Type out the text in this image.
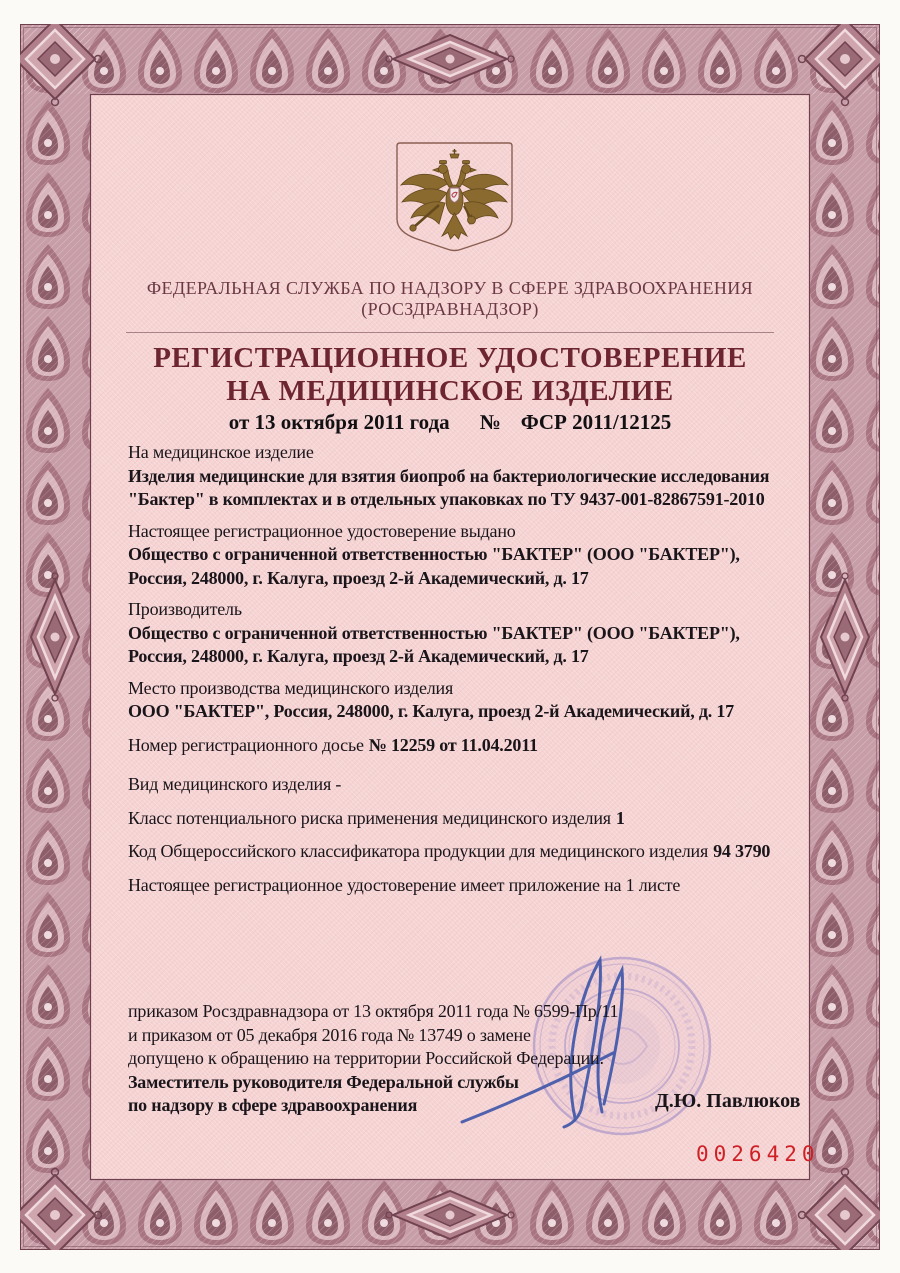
ФЕДЕРАЛЬНАЯ СЛУЖБА ПО НАДЗОРУ В СФЕРЕ ЗДРАВООХРАНЕНИЯ
(РОСЗДРАВНАДЗОР)
РЕГИСТРАЦИОННОЕ УДОСТОВЕРЕНИЕ
НА МЕДИЦИНСКОЕ ИЗДЕЛИЕ
от 13 октября 2011 года № ФСР 2011/12125

На медицинское изделие
Изделия медицинские для взятия биопроб на бактериологические исследования
"Бактер" в комплектах и в отдельных упаковках по ТУ 9437-001-82867591-2010

Настоящее регистрационное удостоверение выдано
Общество с ограниченной ответственностью "БАКТЕР" (ООО "БАКТЕР"),
Россия, 248000, г. Калуга, проезд 2-й Академический, д. 17

Производитель
Общество с ограниченной ответственностью "БАКТЕР" (ООО "БАКТЕР"),
Россия, 248000, г. Калуга, проезд 2-й Академический, д. 17

Место производства медицинского изделия
ООО "БАКТЕР", Россия, 248000, г. Калуга, проезд 2-й Академический, д. 17

Номер регистрационного досье № 12259 от 11.04.2011

Вид медицинского изделия -

Класс потенциального риска применения медицинского изделия 1

Код Общероссийского классификатора продукции для медицинского изделия 94 3790

Настоящее регистрационное удостоверение имеет приложение на 1 листе

приказом Росздравнадзора от 13 октября 2011 года № 6599-Пр/11
и приказом от 05 декабря 2016 года № 13749 о замене
допущено к обращению на территории Российской Федерации.
Заместитель руководителя Федеральной службы
по надзору в сфере здравоохранения	Д.Ю. Павлюков
0026420
